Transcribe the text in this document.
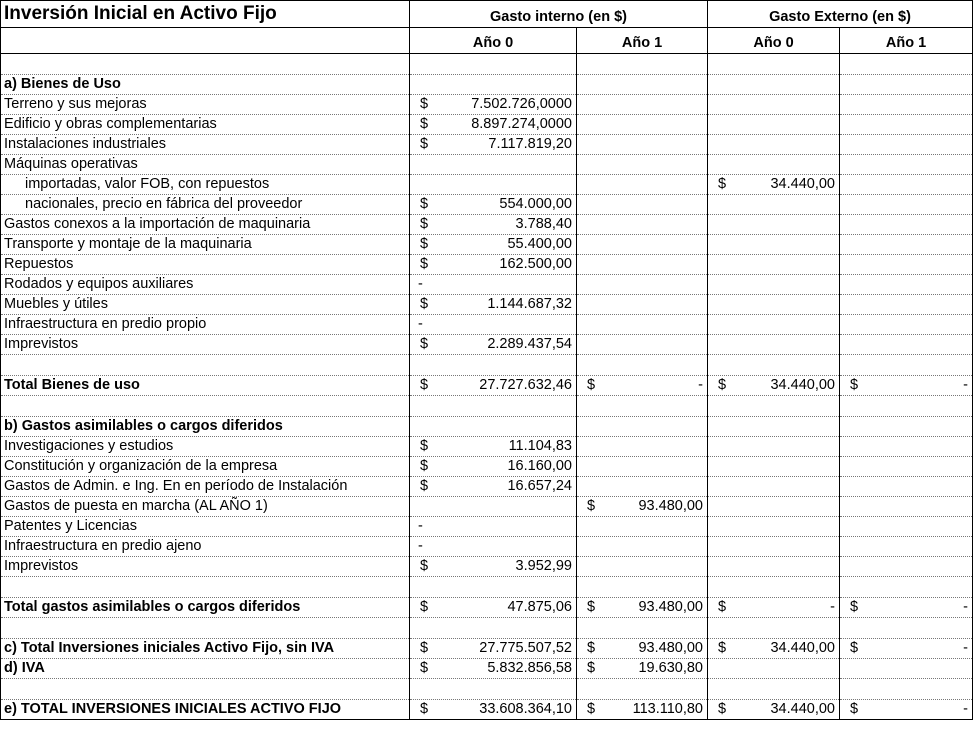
Inversión Inicial en Activo Fijo	Gasto interno (en $)		Gasto Externo (en $)	
	Año 0	Año 1	Año 0	Año 1

a) Bienes de Uso				
Terreno y sus mejoras	$ 7.502.726,0000			

Edificio y obras complementarias	$ 8.897.274,0000			

Instalaciones industriales	$ 7.117.819,20			

Máquinas operativas				
importadas, valor FOB, con repuestos			$ 34.440,00	

nacionales, precio en fábrica del proveedor	$ 554.000,00			

Gastos conexos a la importación de maquinaria	$ 3.788,40			

Transporte y montaje de la maquinaria	$ 55.400,00			

Repuestos	$ 162.500,00			

Rodados y equipos auxiliares	-			
Muebles y útiles	$ 1.144.687,32			

Infraestructura en predio propio	-			
Imprevistos	$ 2.289.437,54			

Total Bienes de uso	$ 27.727.632,46	$ -	$ 34.440,00	$ -

b) Gastos asimilables o cargos diferidos				
Investigaciones y estudios	$ 11.104,83			

Constitución y organización de la empresa	$ 16.160,00			

Gastos de Admin. e Ing. En en período de Instalación	$ 16.657,24			

Gastos de puesta en marcha (AL AÑO 1)		$ 93.480,00		

Patentes y Licencias	-			
Infraestructura en predio ajeno	-			
Imprevistos	$ 3.952,99			

Total gastos asimilables o cargos diferidos	$ 47.875,06	$ 93.480,00	$ -	$ -

c) Total Inversiones iniciales Activo Fijo, sin IVA	$ 27.775.507,52	$ 93.480,00	$ 34.440,00	$ -

d) IVA	$ 5.832.856,58	$ 19.630,80		

e) TOTAL INVERSIONES INICIALES ACTIVO FIJO	$ 33.608.364,10	$ 113.110,80	$ 34.440,00	$ -
